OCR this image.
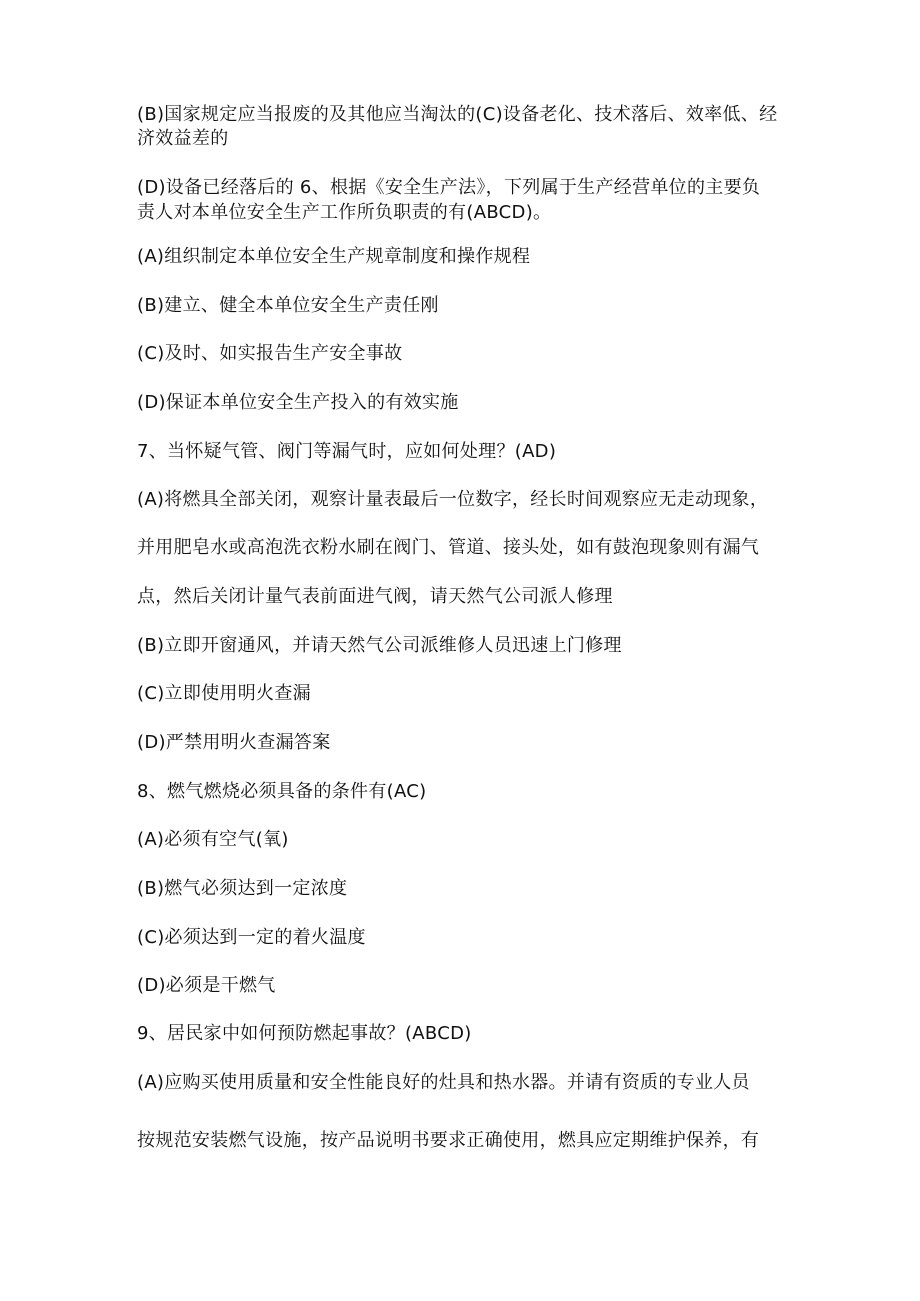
(B)国家规定应当报废的及其他应当淘汰的(C)设备老化、技术落后、效率低、经

济效益差的

(D)设备已经落后的 6、根据《安全生产法》，下列属于生产经营单位的主要负

责人对本单位安全生产工作所负职责的有(ABCD)。

(A)组织制定本单位安全生产规章制度和操作规程

(B)建立、健全本单位安全生产责任刚

(C)及时、如实报告生产安全事故

(D)保证本单位安全生产投入的有效实施

7、当怀疑气管、阀门等漏气时，应如何处理？(AD)

(A)将燃具全部关闭，观察计量表最后一位数字，经长时间观察应无走动现象，

并用肥皂水或高泡洗衣粉水刷在阀门、管道、接头处，如有鼓泡现象则有漏气

点，然后关闭计量气表前面进气阀，请天然气公司派人修理

(B)立即开窗通风，并请天然气公司派维修人员迅速上门修理

(C)立即使用明火查漏

(D)严禁用明火查漏答案

8、燃气燃烧必须具备的条件有(AC)

(A)必须有空气(氧)

(B)燃气必须达到一定浓度

(C)必须达到一定的着火温度

(D)必须是干燃气

9、居民家中如何预防燃起事故？(ABCD)

(A)应购买使用质量和安全性能良好的灶具和热水器。并请有资质的专业人员

按规范安装燃气设施，按产品说明书要求正确使用，燃具应定期维护保养，有
